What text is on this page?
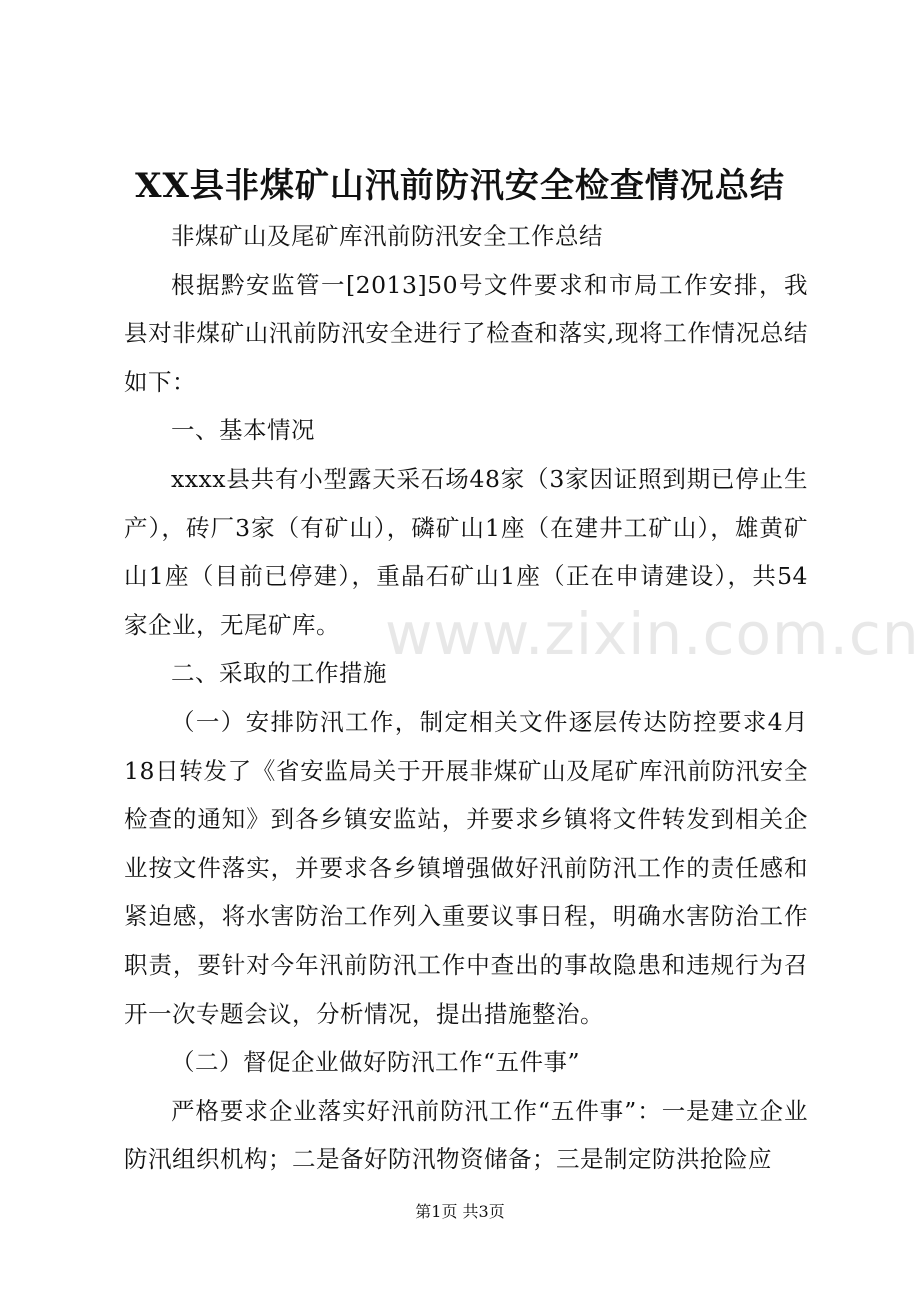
XX县非煤矿山汛前防汛安全检查情况总结

非煤矿山及尾矿库汛前防汛安全工作总结

根据黔安监管一[2013]50号文件要求和市局工作安排，我县对非煤矿山汛前防汛安全进行了检查和落实,现将工作情况总结如下：

一、基本情况

xxxx县共有小型露天采石场48家（3家因证照到期已停止生产），砖厂3家（有矿山），磷矿山1座（在建井工矿山），雄黄矿山1座（目前已停建），重晶石矿山1座（正在申请建设），共54家企业，无尾矿库。

二、采取的工作措施

（一）安排防汛工作，制定相关文件逐层传达防控要求4月18日转发了《省安监局关于开展非煤矿山及尾矿库汛前防汛安全检查的通知》到各乡镇安监站，并要求乡镇将文件转发到相关企业按文件落实，并要求各乡镇增强做好汛前防汛工作的责任感和紧迫感，将水害防治工作列入重要议事日程，明确水害防治工作职责，要针对今年汛前防汛工作中查出的事故隐患和违规行为召开一次专题会议，分析情况，提出措施整治。

（二）督促企业做好防汛工作“五件事”

严格要求企业落实好汛前防汛工作“五件事”：一是建立企业防汛组织机构；二是备好防汛物资储备；三是制定防洪抢险应

www.zixin.com.cn
第1页 共3页
